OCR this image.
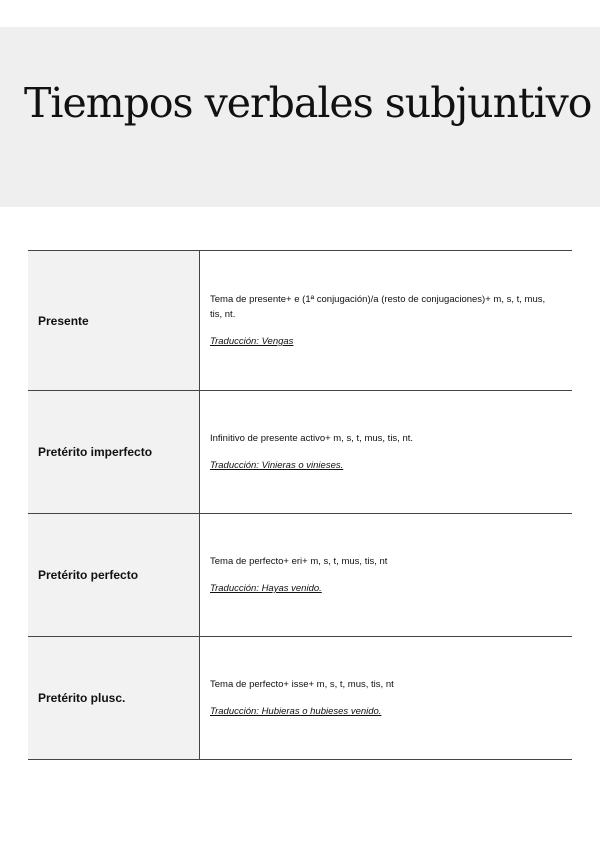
Tiempos verbales subjuntivo
Presente	Tema de presente+ e (1ª conjugación)/a (resto de conjugaciones)+ m, s, t, mus, tis, nt.

Traducción: Vengas

Pretérito imperfecto	Infinitivo de presente activo+ m, s, t, mus, tis, nt.

Traducción: Vinieras o vinieses.

Pretérito perfecto	Tema de perfecto+ eri+ m, s, t, mus, tis, nt

Traducción: Hayas venido.

Pretérito plusc.	Tema de perfecto+ isse+ m, s, t, mus, tis, nt

Traducción: Hubieras o hubieses venido.
